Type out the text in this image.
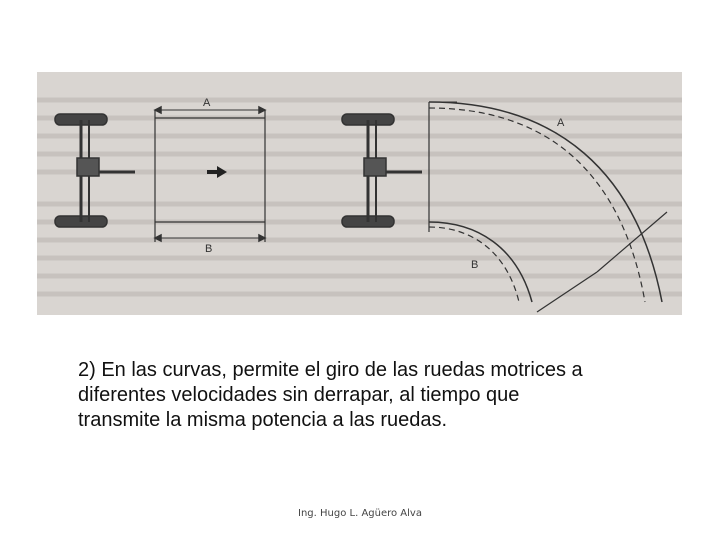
A
B
A
B

2) En las curvas, permite el giro de las ruedas motrices a
diferentes velocidades sin derrapar, al tiempo que
transmite la misma potencia a las ruedas.

Ing. Hugo L. Agüero Alva
